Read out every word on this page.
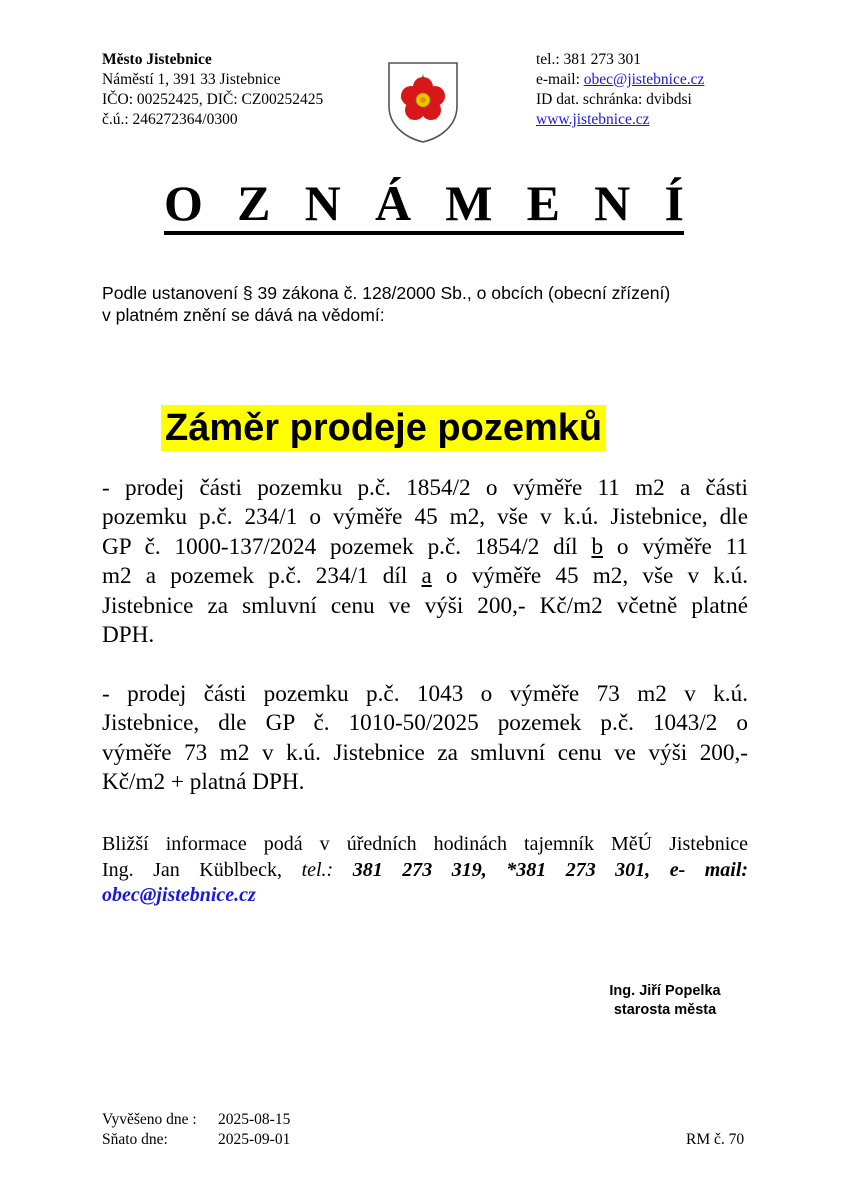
Město Jistebnice
Náměstí 1, 391 33 Jistebnice
IČO: 00252425, DIČ: CZ00252425
č.ú.: 246272364/0300
tel.: 381 273 301
e-mail: obec@jistebnice.cz
ID dat. schránka: dvibdsi
www.jistebnice.cz
O Z N Á M E N Í
Podle ustanovení § 39 zákona č. 128/2000 Sb., o obcích (obecní zřízení)
v platném znění se dává na vědomí:
Záměr prodeje pozemků
- prodej části pozemku p.č. 1854/2 o výměře 11 m2 a části
pozemku p.č. 234/1 o výměře 45 m2, vše v k.ú. Jistebnice, dle
GP č. 1000-137/2024 pozemek p.č. 1854/2 díl b o výměře 11
m2 a pozemek p.č. 234/1 díl a o výměře 45 m2, vše v k.ú.
Jistebnice za smluvní cenu ve výši 200,- Kč/m2 včetně platné
DPH.
- prodej části pozemku p.č. 1043 o výměře 73 m2 v k.ú.
Jistebnice, dle GP č. 1010-50/2025 pozemek p.č. 1043/2 o
výměře 73 m2 v k.ú. Jistebnice za smluvní cenu ve výši 200,-
Kč/m2 + platná DPH.
Bližší informace podá v úředních hodinách tajemník MěÚ Jistebnice
Ing. Jan Küblbeck, tel.: 381 273 319, *381 273 301, e- mail:
obec@jistebnice.cz
Ing. Jiří Popelka
starosta města
Vyvěšeno dne : 2025-08-15
Sňato dne:	2025-09-01	RM č. 70
